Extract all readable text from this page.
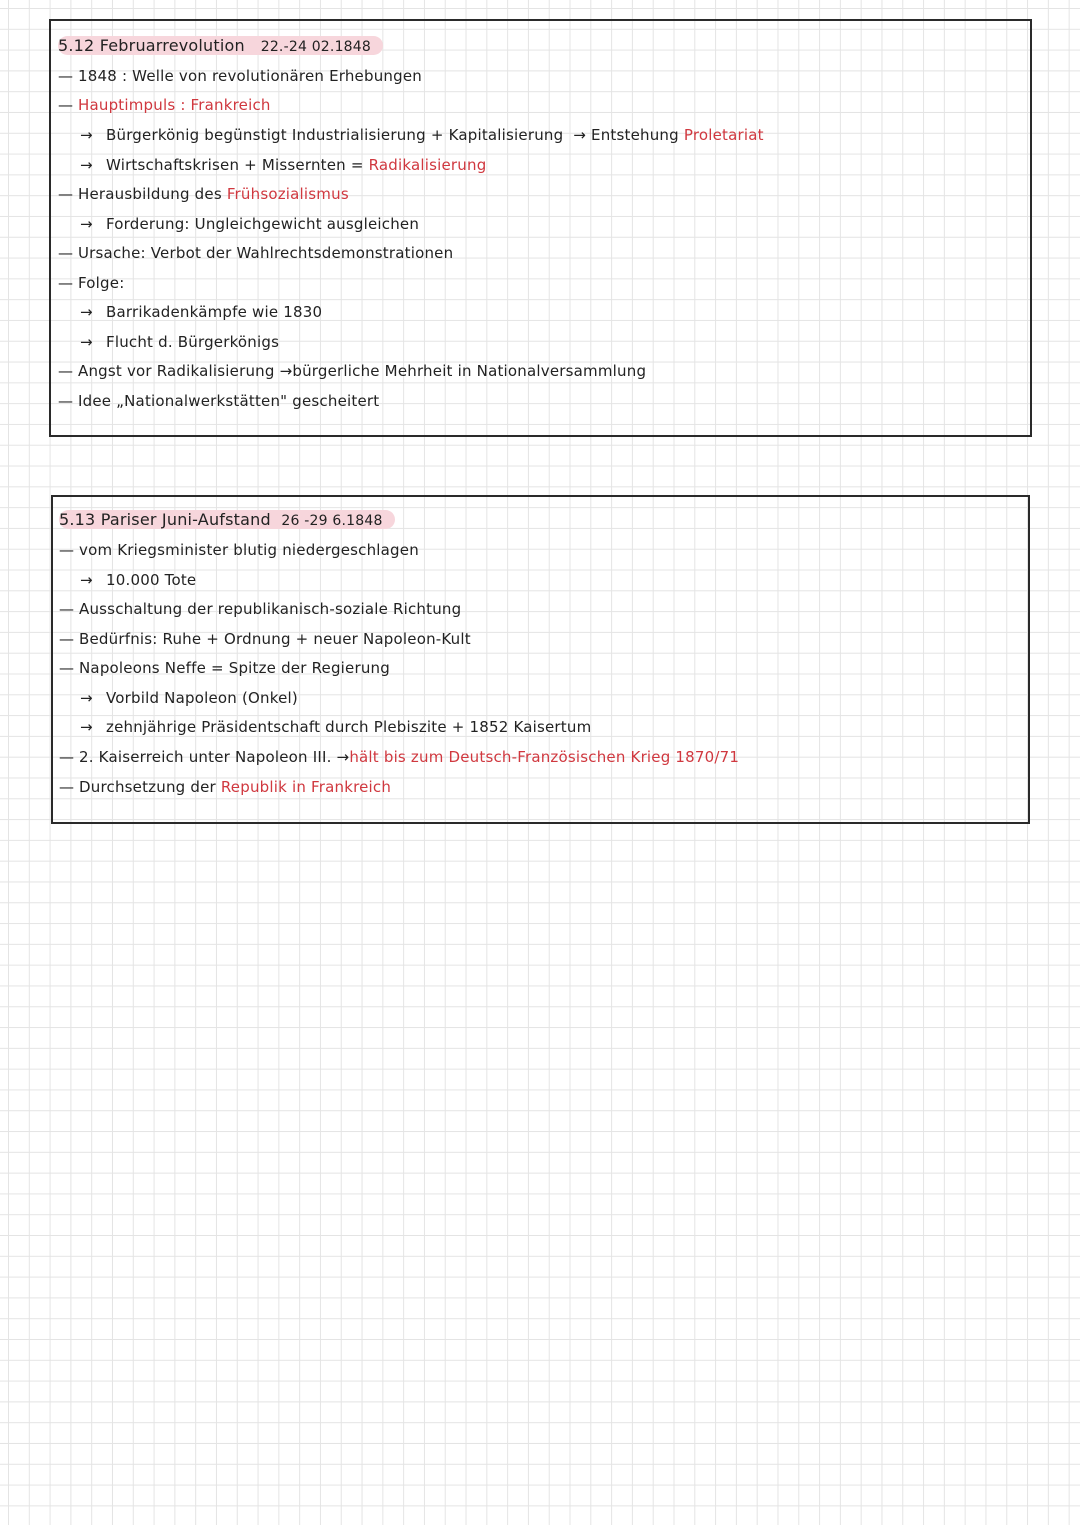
5.12 Februarrevolution 22.-24 02.1848
— 1848 : Welle von revolutionären Erhebungen
— Hauptimpuls : Frankreich
→ Bürgerkönig begünstigt Industrialisierung + Kapitalisierung → Entstehung Proletariat
→ Wirtschaftskrisen + Missernten = Radikalisierung
— Herausbildung des Frühsozialismus
→ Forderung: Ungleichgewicht ausgleichen
— Ursache: Verbot der Wahlrechtsdemonstrationen
— Folge:
→ Barrikadenkämpfe wie 1830
→ Flucht d. Bürgerkönigs
— Angst vor Radikalisierung →bürgerliche Mehrheit in Nationalversammlung
— Idee „Nationalwerkstätten" gescheitert
5.13 Pariser Juni-Aufstand 26 -29 6.1848
— vom Kriegsminister blutig niedergeschlagen
→ 10.000 Tote
— Ausschaltung der republikanisch-soziale Richtung
— Bedürfnis: Ruhe + Ordnung + neuer Napoleon-Kult
— Napoleons Neffe = Spitze der Regierung
→ Vorbild Napoleon (Onkel)
→ zehnjährige Präsidentschaft durch Plebiszite + 1852 Kaisertum
— 2. Kaiserreich unter Napoleon III. →hält bis zum Deutsch-Französischen Krieg 1870/71
— Durchsetzung der Republik in Frankreich
